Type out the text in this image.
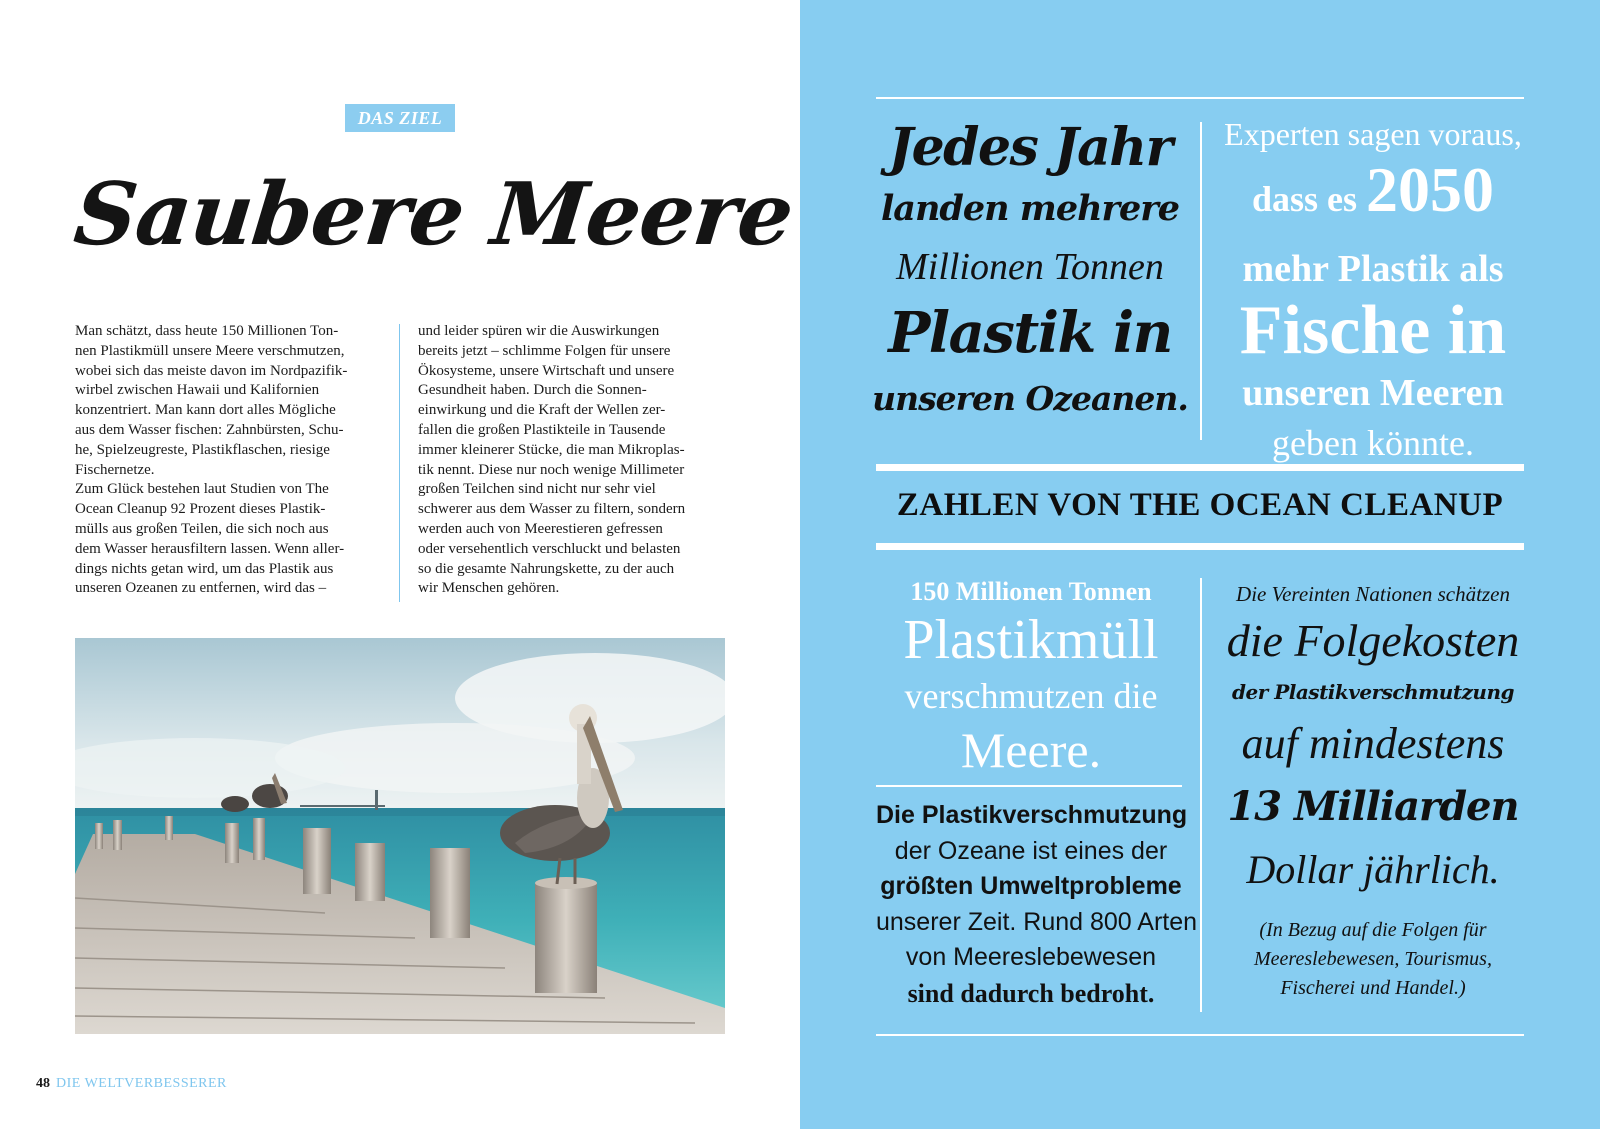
DAS ZIEL
Saubere Meere
Man schätzt, dass heute 150 Millionen Ton-
nen Plastikmüll unsere Meere verschmutzen,
wobei sich das meiste davon im Nordpazifik-
wirbel zwischen Hawaii und Kalifornien
konzentriert. Man kann dort alles Mögliche
aus dem Wasser fischen: Zahnbürsten, Schu-
he, Spielzeugreste, Plastikflaschen, riesige
Fischernetze.
Zum Glück bestehen laut Studien von The
Ocean Cleanup 92 Prozent dieses Plastik-
mülls aus großen Teilen, die sich noch aus
dem Wasser herausfiltern lassen. Wenn aller-
dings nichts getan wird, um das Plastik aus
unseren Ozeanen zu entfernen, wird das –
und leider spüren wir die Auswirkungen
bereits jetzt – schlimme Folgen für unsere
Ökosysteme, unsere Wirtschaft und unsere
Gesundheit haben. Durch die Sonnen-
einwirkung und die Kraft der Wellen zer-
fallen die großen Plastikteile in Tausende
immer kleinerer Stücke, die man Mikroplas-
tik nennt. Diese nur noch wenige Millimeter
großen Teilchen sind nicht nur sehr viel
schwerer aus dem Wasser zu filtern, sondern
werden auch von Meerestieren gefressen
oder versehentlich verschluckt und belasten
so die gesamte Nahrungskette, zu der auch
wir Menschen gehören.
48 DIE WELTVERBESSERER
Jedes Jahr
landen mehrere
Millionen Tonnen
Plastik in
unseren Ozeanen.
Experten sagen voraus,
dass es 2050
mehr Plastik als
Fische in
unseren Meeren
geben könnte.
ZAHLEN VON THE OCEAN CLEANUP
150 Millionen Tonnen
Plastikmüll
verschmutzen die
Meere.
Die Plastikverschmutzung
der Ozeane ist eines der
größten Umweltprobleme
unserer Zeit. Rund 800 Arten
von Meereslebewesen
sind dadurch bedroht.
Die Vereinten Nationen schätzen
die Folgekosten
der Plastikverschmutzung
auf mindestens
13 Milliarden
Dollar jährlich.
(In Bezug auf die Folgen für
Meereslebewesen, Tourismus,
Fischerei und Handel.)
